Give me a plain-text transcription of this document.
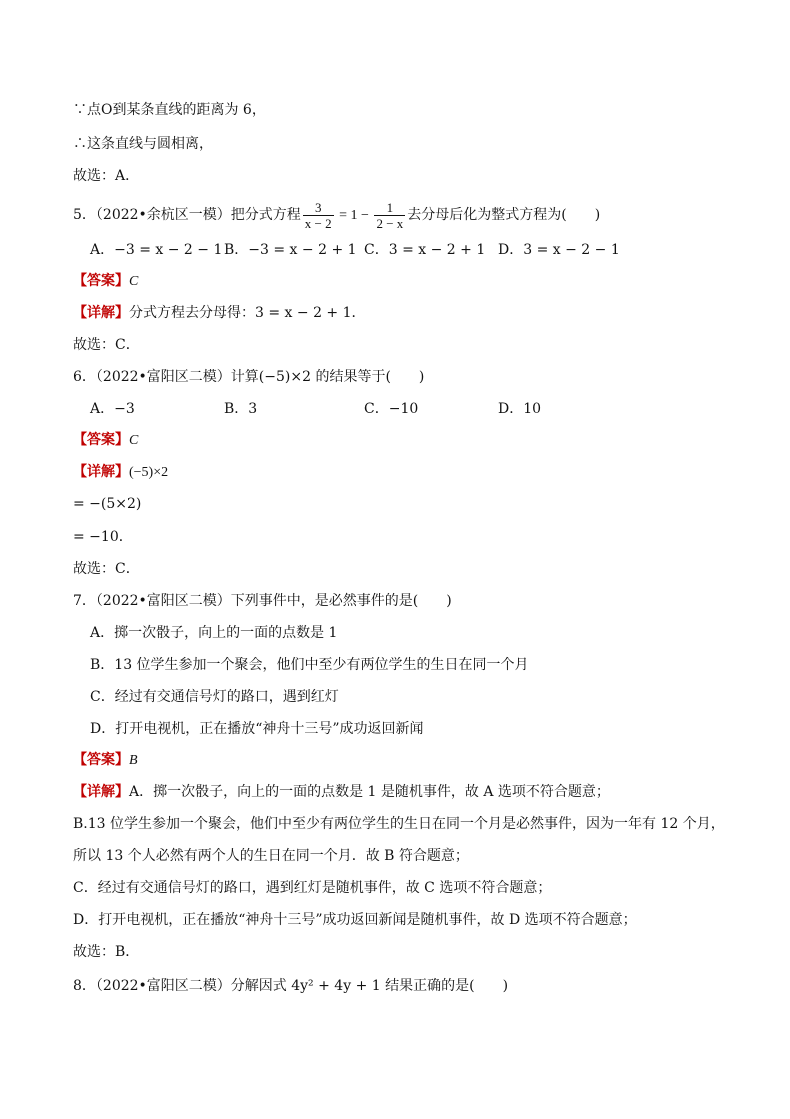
∵点O到某条直线的距离为 6，
∴这条直线与圆相离，
故选：A．
5．（2022•余杭区一模）把分式方程 $\frac{3}{x - 2} = 1 - \frac{1}{2 - x}$ 去分母后化为整式方程为(　　)
A．−3 = x − 2 − 1 B．−3 = x − 2 + 1 C．3 = x − 2 + 1 D．3 = x − 2 − 1
【答案】C
【详解】分式方程去分母得：3 = x − 2 + 1．
故选：C．
6．（2022•富阳区二模）计算(−5)×2 的结果等于(　　)
A．−3	B．3	C．−10	D．10
【答案】C
【详解】(−5)×2
= −(5×2)
= −10．
故选：C．
7．（2022•富阳区二模）下列事件中，是必然事件的是(　　)
A．掷一次骰子，向上的一面的点数是 1
B．13 位学生参加一个聚会，他们中至少有两位学生的生日在同一个月
C．经过有交通信号灯的路口，遇到红灯
D．打开电视机，正在播放“神舟十三号”成功返回新闻
【答案】B
【详解】A．掷一次骰子，向上的一面的点数是 1 是随机事件，故 A 选项不符合题意；
B.13 位学生参加一个聚会，他们中至少有两位学生的生日在同一个月是必然事件，因为一年有 12 个月，
所以 13 个人必然有两个人的生日在同一个月．故 B 符合题意；
C．经过有交通信号灯的路口，遇到红灯是随机事件，故 C 选项不符合题意；
D．打开电视机，正在播放“神舟十三号”成功返回新闻是随机事件，故 D 选项不符合题意；
故选：B．
8．（2022•富阳区二模）分解因式 4y² + 4y + 1 结果正确的是(　　)
